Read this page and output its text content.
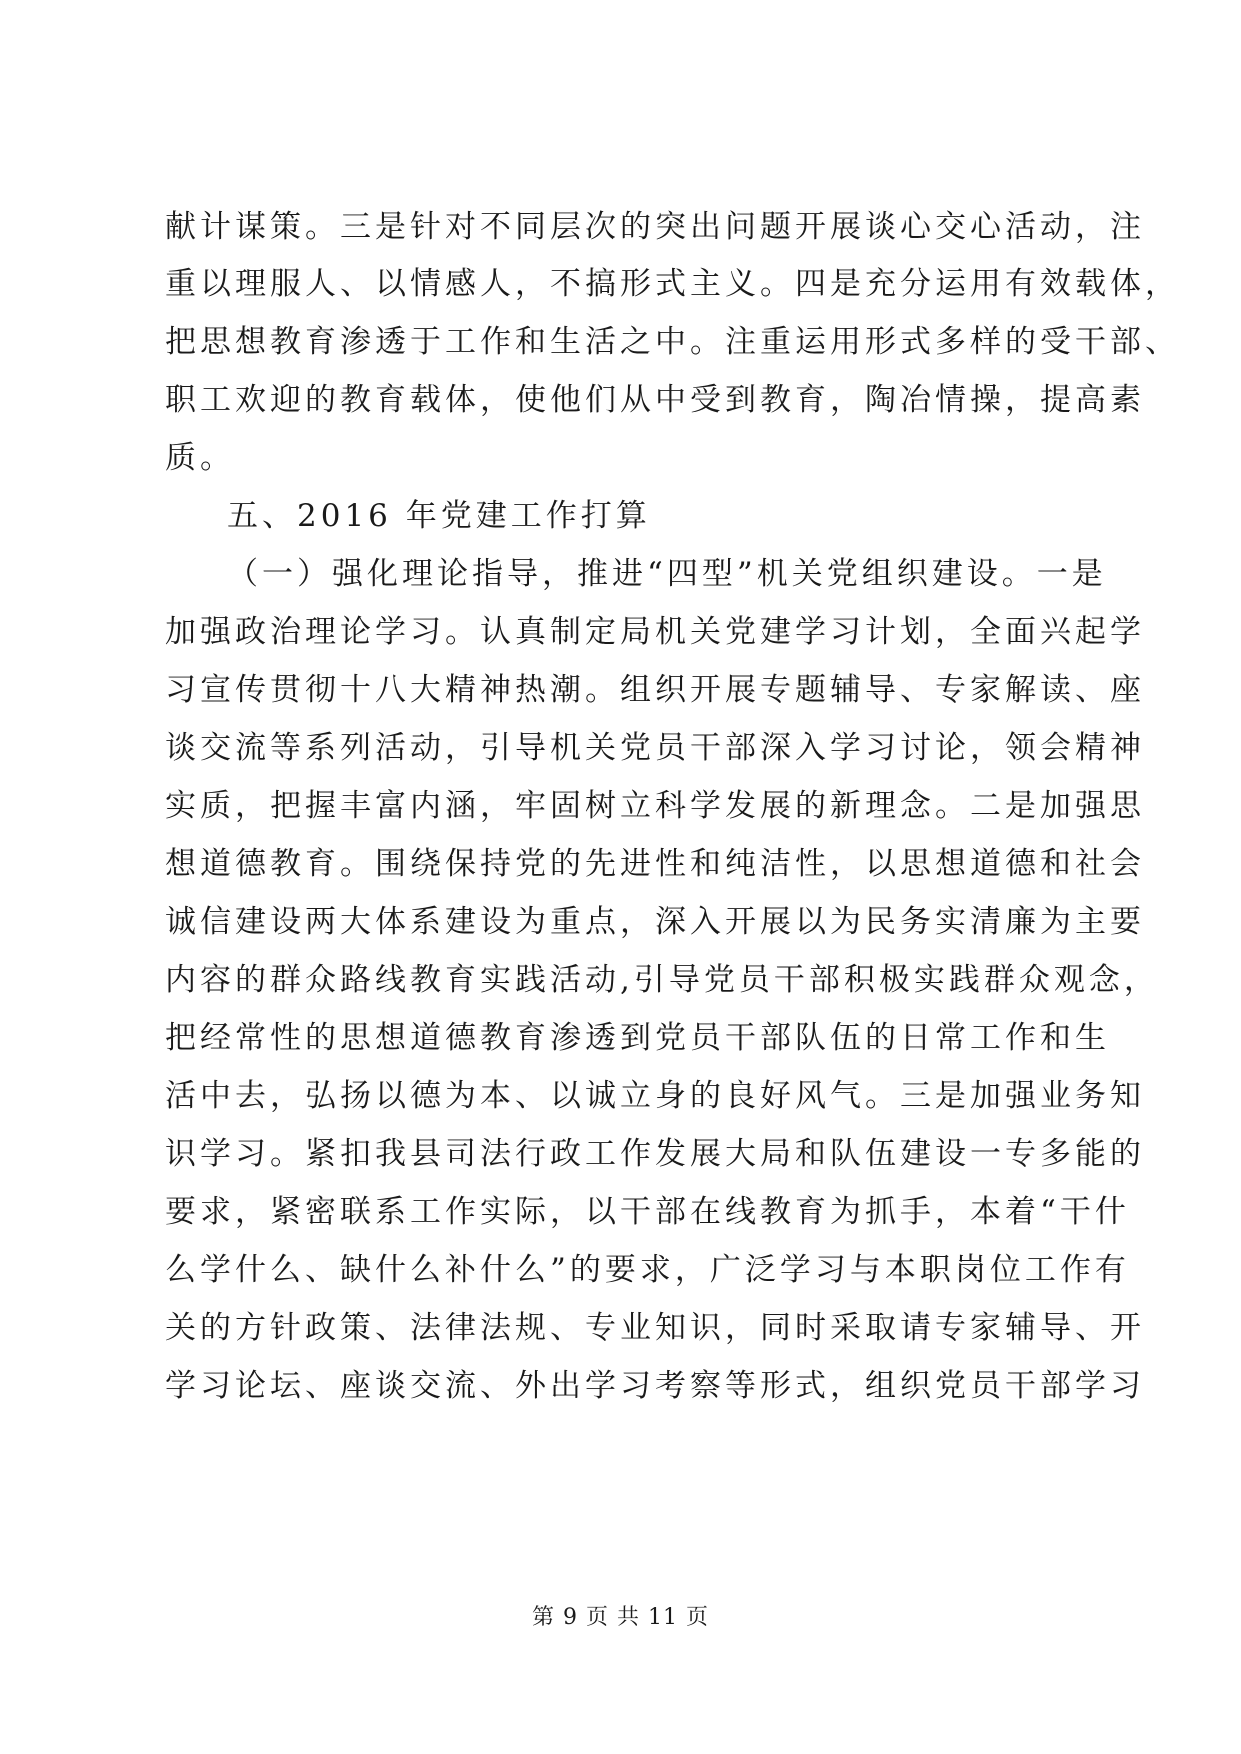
献计谋策。三是针对不同层次的突出问题开展谈心交心活动，注
重以理服人、以情感人，不搞形式主义。四是充分运用有效载体，
把思想教育渗透于工作和生活之中。注重运用形式多样的受干部、
职工欢迎的教育载体，使他们从中受到教育，陶冶情操，提高素
质。
五、2016 年党建工作打算
（一）强化理论指导，推进“四型”机关党组织建设。一是
加强政治理论学习。认真制定局机关党建学习计划，全面兴起学
习宣传贯彻十八大精神热潮。组织开展专题辅导、专家解读、座
谈交流等系列活动，引导机关党员干部深入学习讨论，领会精神
实质，把握丰富内涵，牢固树立科学发展的新理念。二是加强思
想道德教育。围绕保持党的先进性和纯洁性，以思想道德和社会
诚信建设两大体系建设为重点，深入开展以为民务实清廉为主要
内容的群众路线教育实践活动,引导党员干部积极实践群众观念，
把经常性的思想道德教育渗透到党员干部队伍的日常工作和生
活中去，弘扬以德为本、以诚立身的良好风气。三是加强业务知
识学习。紧扣我县司法行政工作发展大局和队伍建设一专多能的
要求，紧密联系工作实际，以干部在线教育为抓手，本着“干什
么学什么、缺什么补什么”的要求，广泛学习与本职岗位工作有
关的方针政策、法律法规、专业知识，同时采取请专家辅导、开
学习论坛、座谈交流、外出学习考察等形式，组织党员干部学习
第 9 页 共 11 页
